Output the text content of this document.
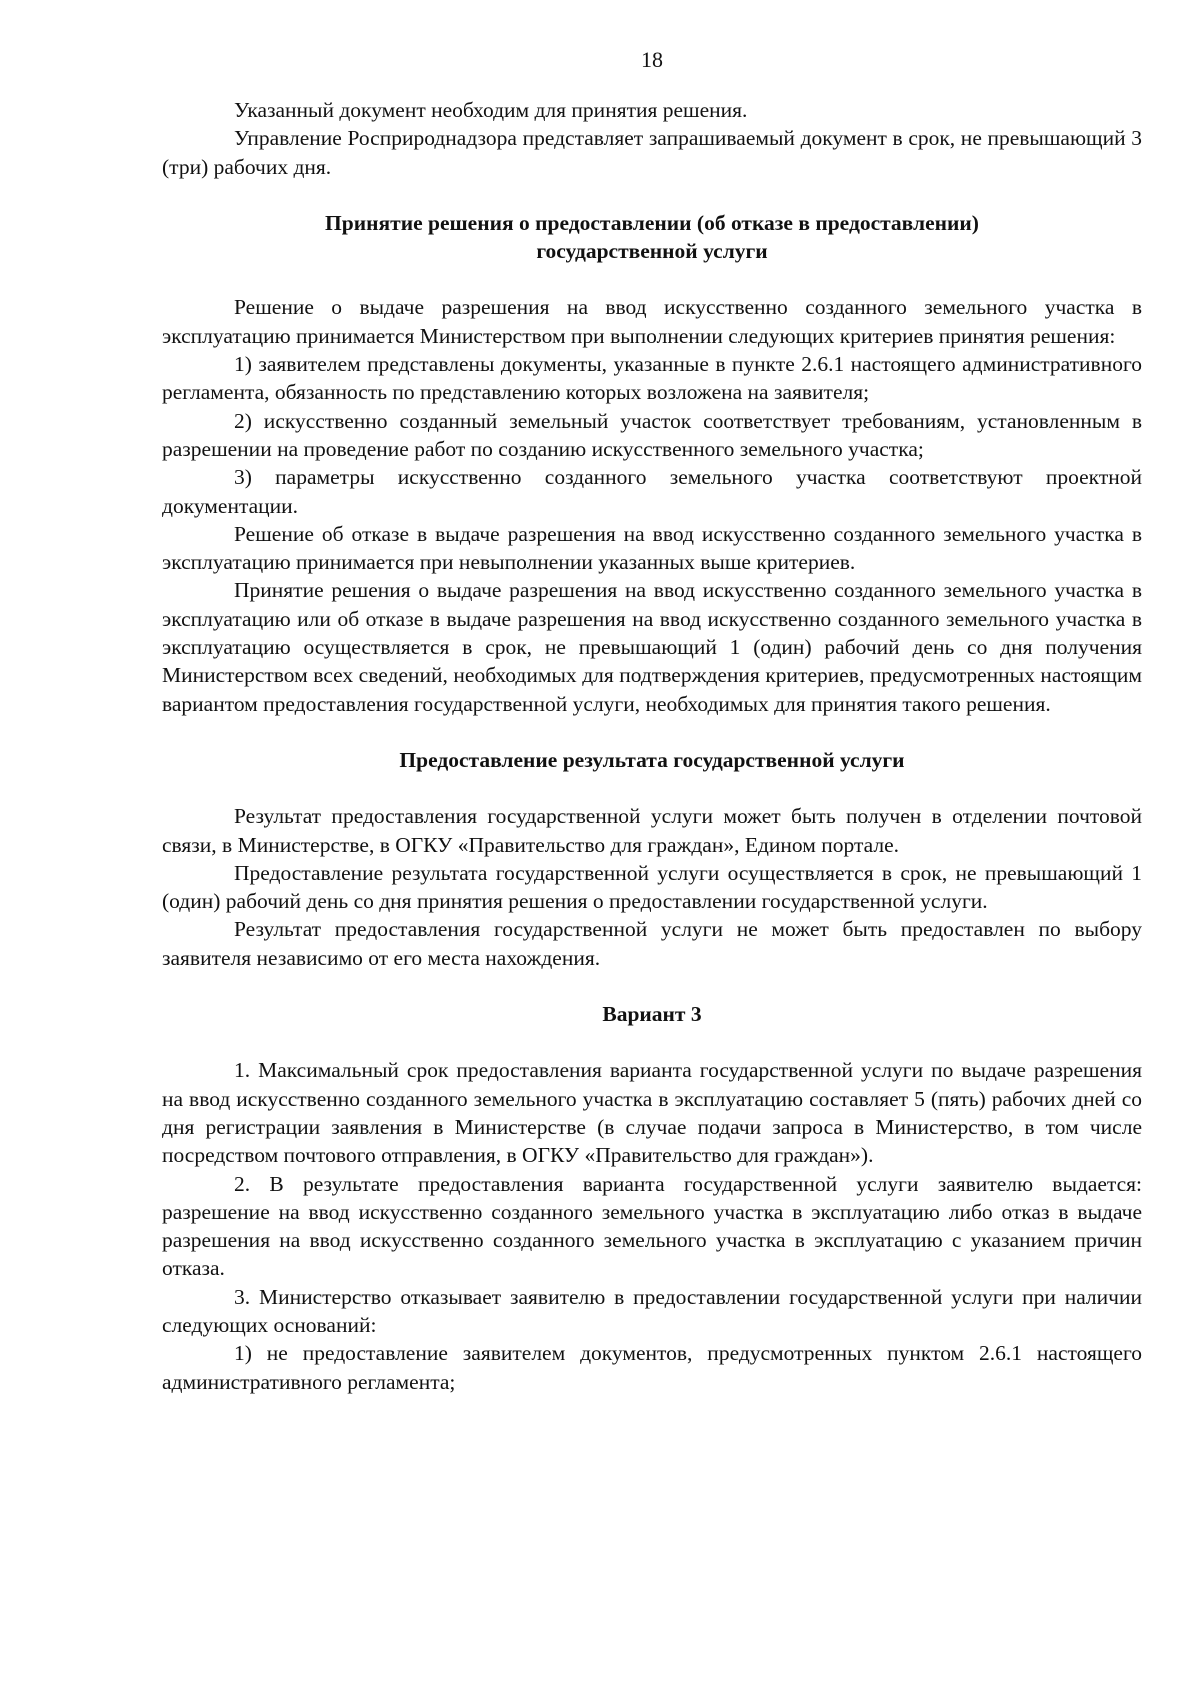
18

Указанный документ необходим для принятия решения.

Управление Росприроднадзора представляет запрашиваемый документ в срок, не превышающий 3 (три) рабочих дня.

Принятие решения о предоставлении (об отказе в предоставлении)
государственной услуги

Решение о выдаче разрешения на ввод искусственно созданного земельного участка в эксплуатацию принимается Министерством при выполнении следующих критериев принятия решения:

1) заявителем представлены документы, указанные в пункте 2.6.1 настоящего административного регламента, обязанность по представлению которых возложена на заявителя;

2) искусственно созданный земельный участок соответствует требованиям, установленным в разрешении на проведение работ по созданию искусственного земельного участка;

3) параметры искусственно созданного земельного участка соответствуют проектной документации.

Решение об отказе в выдаче разрешения на ввод искусственно созданного земельного участка в эксплуатацию принимается при невыполнении указанных выше критериев.

Принятие решения о выдаче разрешения на ввод искусственно созданного земельного участка в эксплуатацию или об отказе в выдаче разрешения на ввод искусственно созданного земельного участка в эксплуатацию осуществляется в срок, не превышающий 1 (один) рабочий день со дня получения Министерством всех сведений, необходимых для подтверждения критериев, предусмотренных настоящим вариантом предоставления государственной услуги, необходимых для принятия такого решения.

Предоставление результата государственной услуги

Результат предоставления государственной услуги может быть получен в отделении почтовой связи, в Министерстве, в ОГКУ «Правительство для граждан», Едином портале.

Предоставление результата государственной услуги осуществляется в срок, не превышающий 1 (один) рабочий день со дня принятия решения о предоставлении государственной услуги.

Результат предоставления государственной услуги не может быть предоставлен по выбору заявителя независимо от его места нахождения.

Вариант 3

1. Максимальный срок предоставления варианта государственной услуги по выдаче разрешения на ввод искусственно созданного земельного участка в эксплуатацию составляет 5 (пять) рабочих дней со дня регистрации заявления в Министерстве (в случае подачи запроса в Министерство, в том числе посредством почтового отправления, в ОГКУ «Правительство для граждан»).

2. В результате предоставления варианта государственной услуги заявителю выдается: разрешение на ввод искусственно созданного земельного участка в эксплуатацию либо отказ в выдаче разрешения на ввод искусственно созданного земельного участка в эксплуатацию с указанием причин отказа.

3. Министерство отказывает заявителю в предоставлении государственной услуги при наличии следующих оснований:

1) не предоставление заявителем документов, предусмотренных пунктом 2.6.1 настоящего административного регламента;
